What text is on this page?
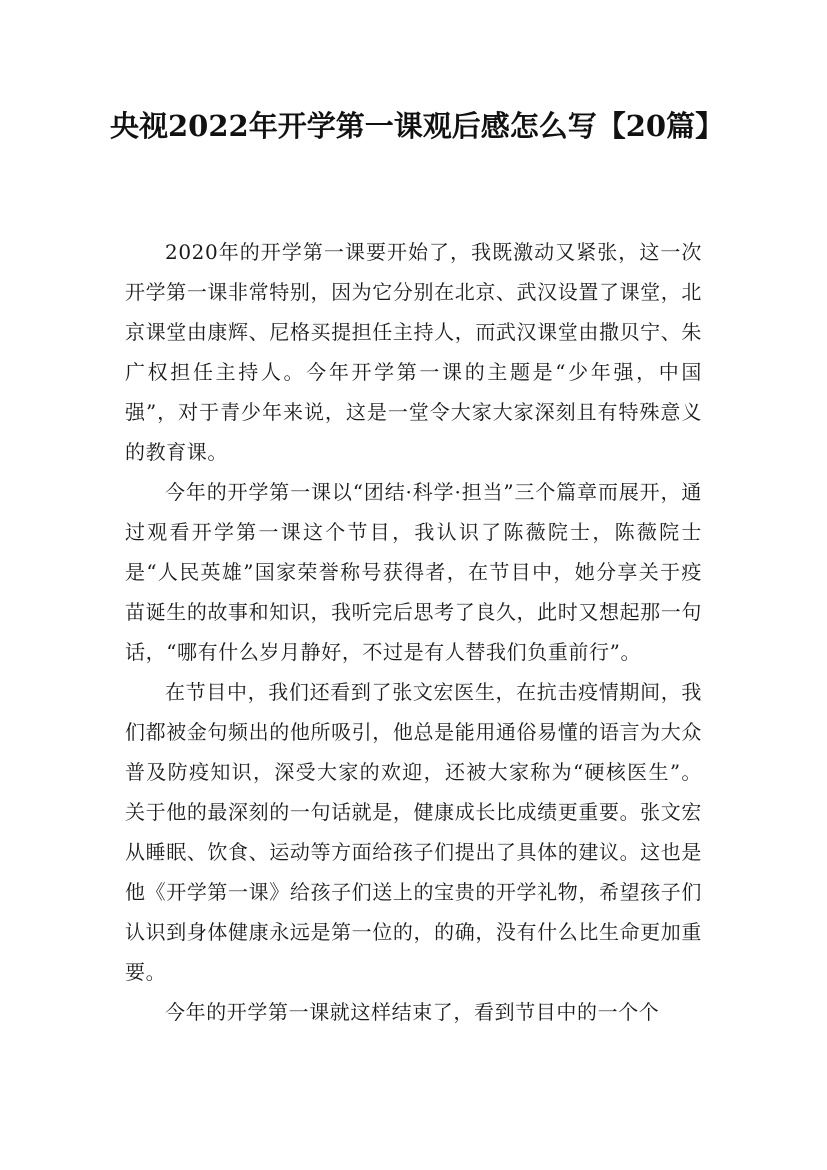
央视2022年开学第一课观后感怎么写【20篇】

2020年的开学第一课要开始了，我既激动又紧张，这一次开学第一课非常特别，因为它分别在北京、武汉设置了课堂，北京课堂由康辉、尼格买提担任主持人，而武汉课堂由撒贝宁、朱广权担任主持人。今年开学第一课的主题是“少年强，中国强”，对于青少年来说，这是一堂令大家大家深刻且有特殊意义的教育课。

今年的开学第一课以“团结·科学·担当”三个篇章而展开，通过观看开学第一课这个节目，我认识了陈薇院士，陈薇院士是“人民英雄”国家荣誉称号获得者，在节目中，她分享关于疫苗诞生的故事和知识，我听完后思考了良久，此时又想起那一句话，“哪有什么岁月静好，不过是有人替我们负重前行”。

在节目中，我们还看到了张文宏医生，在抗击疫情期间，我们都被金句频出的他所吸引，他总是能用通俗易懂的语言为大众普及防疫知识，深受大家的欢迎，还被大家称为“硬核医生”。关于他的最深刻的一句话就是，健康成长比成绩更重要。张文宏从睡眠、饮食、运动等方面给孩子们提出了具体的建议。这也是他《开学第一课》给孩子们送上的宝贵的开学礼物，希望孩子们认识到身体健康永远是第一位的，的确，没有什么比生命更加重要。

今年的开学第一课就这样结束了，看到节目中的一个个
